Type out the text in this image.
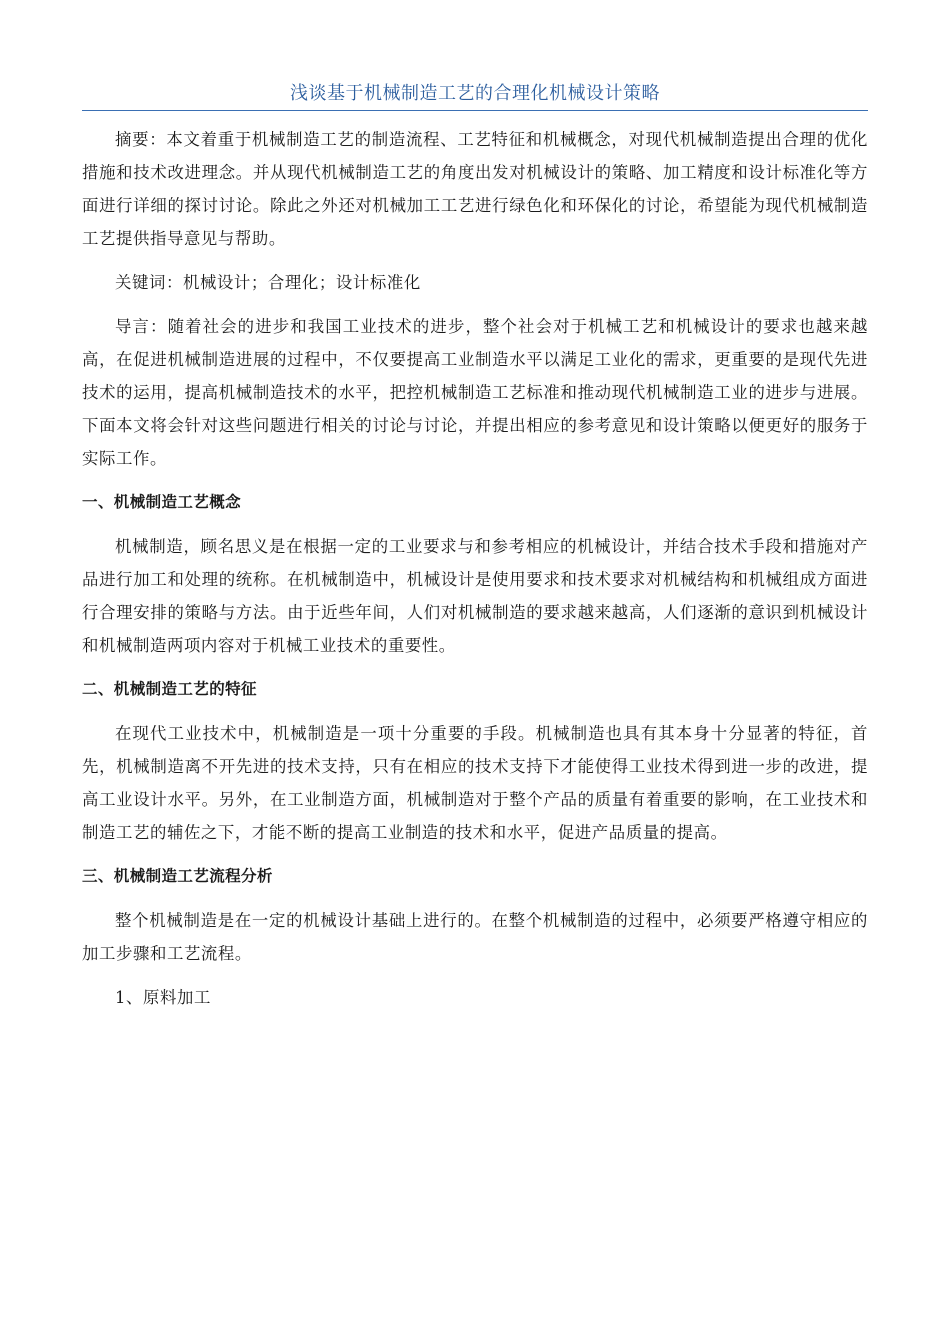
浅谈基于机械制造工艺的合理化机械设计策略

摘要：本文着重于机械制造工艺的制造流程、工艺特征和机械概念，对现代机械制造提出合理的优化措施和技术改进理念。并从现代机械制造工艺的角度出发对机械设计的策略、加工精度和设计标准化等方面进行详细的探讨讨论。除此之外还对机械加工工艺进行绿色化和环保化的讨论，希望能为现代机械制造工艺提供指导意见与帮助。

关键词：机械设计；合理化；设计标准化

导言：随着社会的进步和我国工业技术的进步，整个社会对于机械工艺和机械设计的要求也越来越高，在促进机械制造进展的过程中，不仅要提高工业制造水平以满足工业化的需求，更重要的是现代先进技术的运用，提高机械制造技术的水平，把控机械制造工艺标准和推动现代机械制造工业的进步与进展。下面本文将会针对这些问题进行相关的讨论与讨论，并提出相应的参考意见和设计策略以便更好的服务于实际工作。

一、机械制造工艺概念

机械制造，顾名思义是在根据一定的工业要求与和参考相应的机械设计，并结合技术手段和措施对产品进行加工和处理的统称。在机械制造中，机械设计是使用要求和技术要求对机械结构和机械组成方面进行合理安排的策略与方法。由于近些年间，人们对机械制造的要求越来越高，人们逐渐的意识到机械设计和机械制造两项内容对于机械工业技术的重要性。

二、机械制造工艺的特征

在现代工业技术中，机械制造是一项十分重要的手段。机械制造也具有其本身十分显著的特征，首先，机械制造离不开先进的技术支持，只有在相应的技术支持下才能使得工业技术得到进一步的改进，提高工业设计水平。另外，在工业制造方面，机械制造对于整个产品的质量有着重要的影响，在工业技术和制造工艺的辅佐之下，才能不断的提高工业制造的技术和水平，促进产品质量的提高。

三、机械制造工艺流程分析

整个机械制造是在一定的机械设计基础上进行的。在整个机械制造的过程中，必须要严格遵守相应的加工步骤和工艺流程。

1、原料加工
